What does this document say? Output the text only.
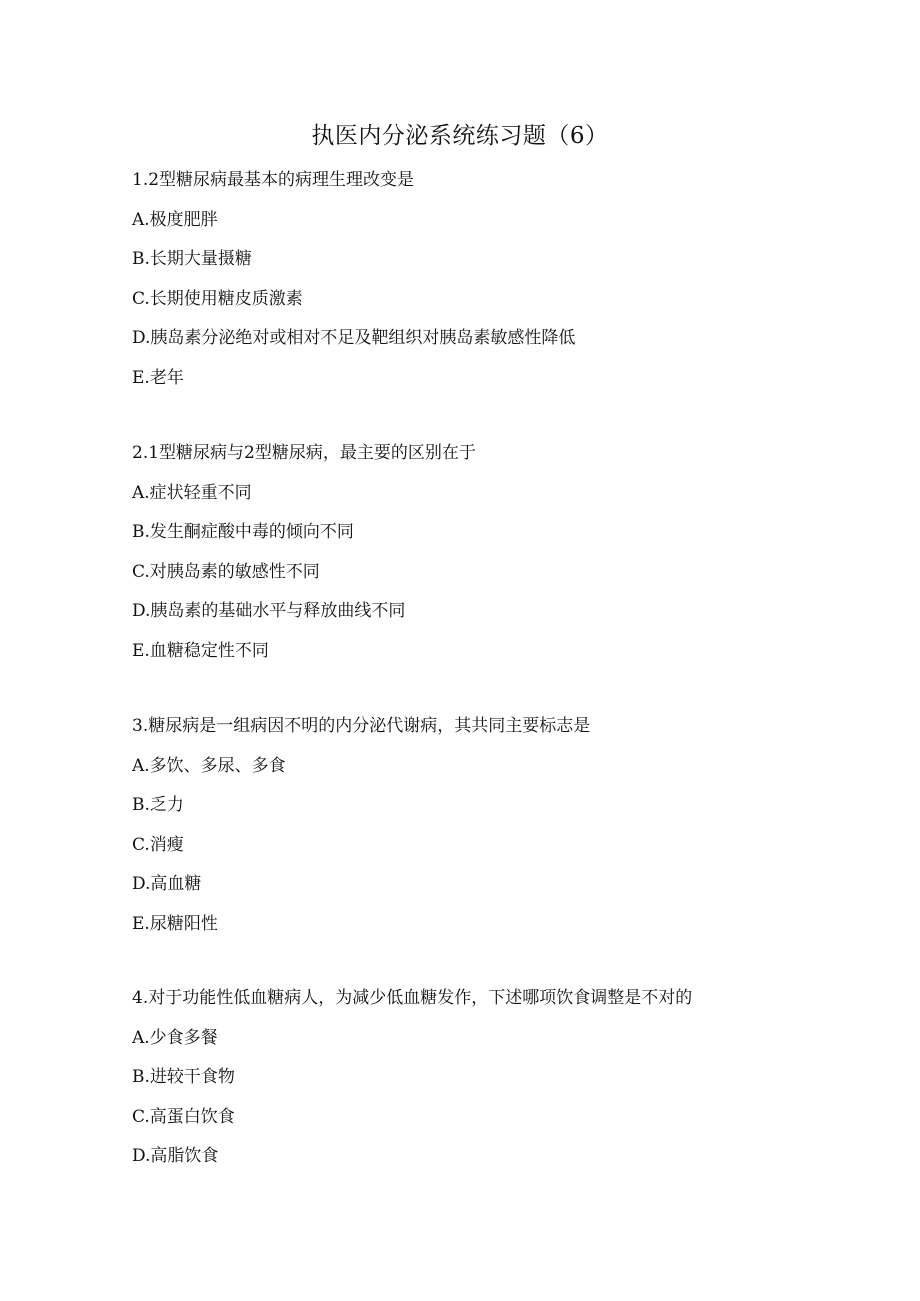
执医内分泌系统练习题（6）
1.2型糖尿病最基本的病理生理改变是
A.极度肥胖
B.长期大量摄糖
C.长期使用糖皮质激素
D.胰岛素分泌绝对或相对不足及靶组织对胰岛素敏感性降低
E.老年
2.1型糖尿病与2型糖尿病，最主要的区别在于
A.症状轻重不同
B.发生酮症酸中毒的倾向不同
C.对胰岛素的敏感性不同
D.胰岛素的基础水平与释放曲线不同
E.血糖稳定性不同
3.糖尿病是一组病因不明的内分泌代谢病，其共同主要标志是
A.多饮、多尿、多食
B.乏力
C.消瘦
D.高血糖
E.尿糖阳性
4.对于功能性低血糖病人，为减少低血糖发作，下述哪项饮食调整是不对的
A.少食多餐
B.进较干食物
C.高蛋白饮食
D.高脂饮食
